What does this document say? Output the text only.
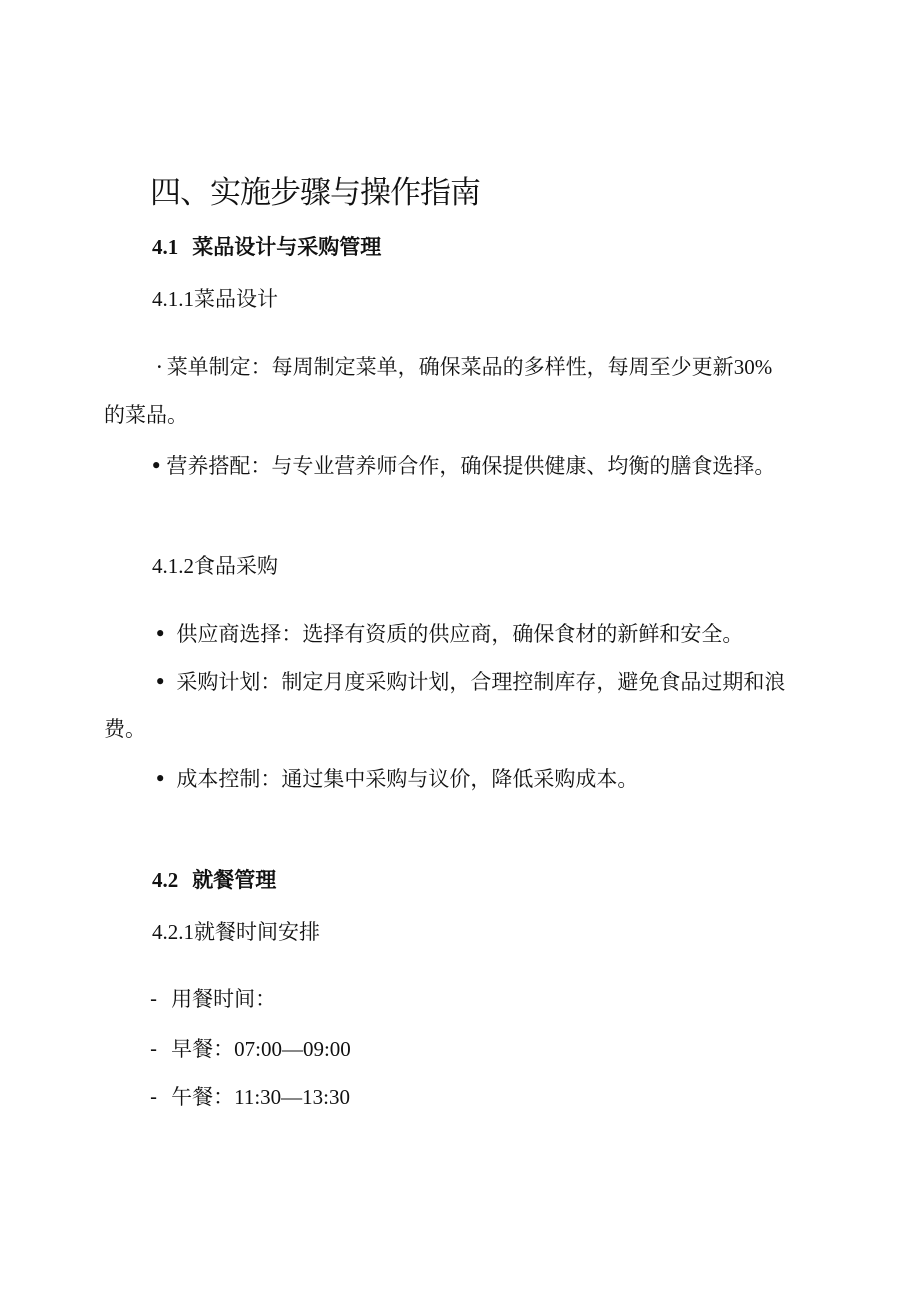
四、实施步骤与操作指南
4.1 菜品设计与采购管理
4.1.1菜品设计
· 菜单制定：每周制定菜单，确保菜品的多样性，每周至少更新30%
的菜品。
• 营养搭配：与专业营养师合作，确保提供健康、均衡的膳食选择。
4.1.2食品采购
• 供应商选择：选择有资质的供应商，确保食材的新鲜和安全。
• 采购计划：制定月度采购计划，合理控制库存，避免食品过期和浪
费。
• 成本控制：通过集中采购与议价，降低采购成本。
4.2 就餐管理
4.2.1就餐时间安排
- 用餐时间：
- 早餐：07:00—09:00
- 午餐：11:30—13:30
